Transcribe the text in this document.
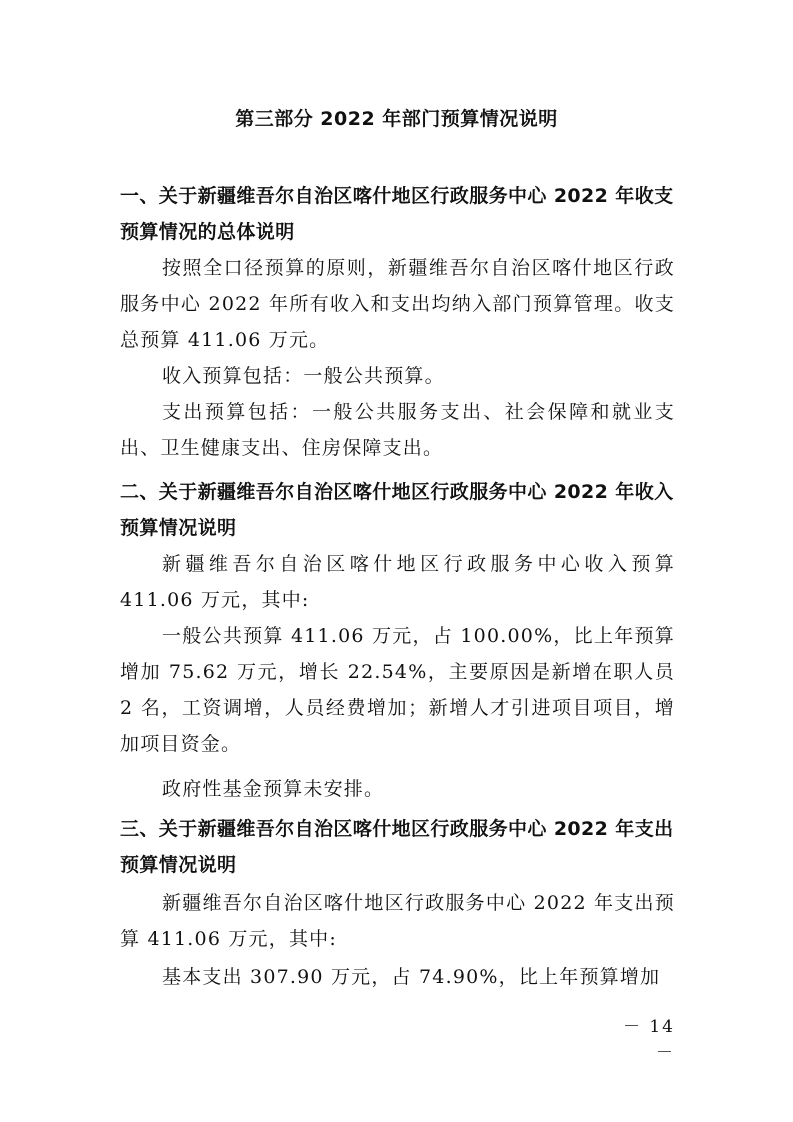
第三部分 2022 年部门预算情况说明
一、关于新疆维吾尔自治区喀什地区行政服务中心 2022 年收支预算情况的总体说明
按照全口径预算的原则，新疆维吾尔自治区喀什地区行政服务中心 2022 年所有收入和支出均纳入部门预算管理。收支总预算 411.06 万元。
收入预算包括：一般公共预算。
支出预算包括：一般公共服务支出、社会保障和就业支出、卫生健康支出、住房保障支出。
二、关于新疆维吾尔自治区喀什地区行政服务中心 2022 年收入预算情况说明
新疆维吾尔自治区喀什地区行政服务中心收入预算 411.06 万元，其中:
一般公共预算 411.06 万元，占 100.00%，比上年预算增加 75.62 万元，增长 22.54%，主要原因是新增在职人员 2 名，工资调增，人员经费增加；新增人才引进项目项目，增加项目资金。
政府性基金预算未安排。
三、关于新疆维吾尔自治区喀什地区行政服务中心 2022 年支出预算情况说明
新疆维吾尔自治区喀什地区行政服务中心 2022 年支出预算 411.06 万元，其中:
基本支出 307.90 万元，占 74.90%，比上年预算增加
－ 14 －
